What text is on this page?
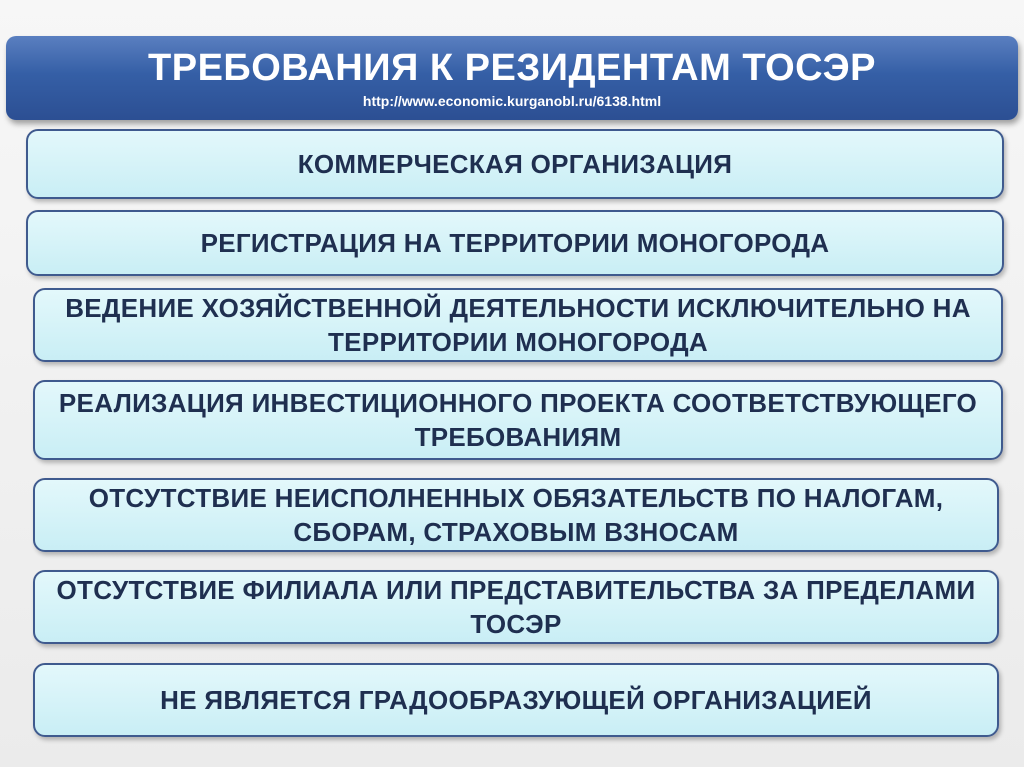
ТРЕБОВАНИЯ К РЕЗИДЕНТАМ ТОСЭР
http://www.economic.kurganobl.ru/6138.html
КОММЕРЧЕСКАЯ ОРГАНИЗАЦИЯ
РЕГИСТРАЦИЯ НА ТЕРРИТОРИИ МОНОГОРОДА
ВЕДЕНИЕ ХОЗЯЙСТВЕННОЙ ДЕЯТЕЛЬНОСТИ ИСКЛЮЧИТЕЛЬНО НА ТЕРРИТОРИИ МОНОГОРОДА
РЕАЛИЗАЦИЯ ИНВЕСТИЦИОННОГО ПРОЕКТА СООТВЕТСТВУЮЩЕГО ТРЕБОВАНИЯМ
ОТСУТСТВИЕ НЕИСПОЛНЕННЫХ ОБЯЗАТЕЛЬСТВ ПО НАЛОГАМ, СБОРАМ, СТРАХОВЫМ ВЗНОСАМ
ОТСУТСТВИЕ ФИЛИАЛА ИЛИ ПРЕДСТАВИТЕЛЬСТВА ЗА ПРЕДЕЛАМИ ТОСЭР
НЕ ЯВЛЯЕТСЯ ГРАДООБРАЗУЮЩЕЙ ОРГАНИЗАЦИЕЙ
